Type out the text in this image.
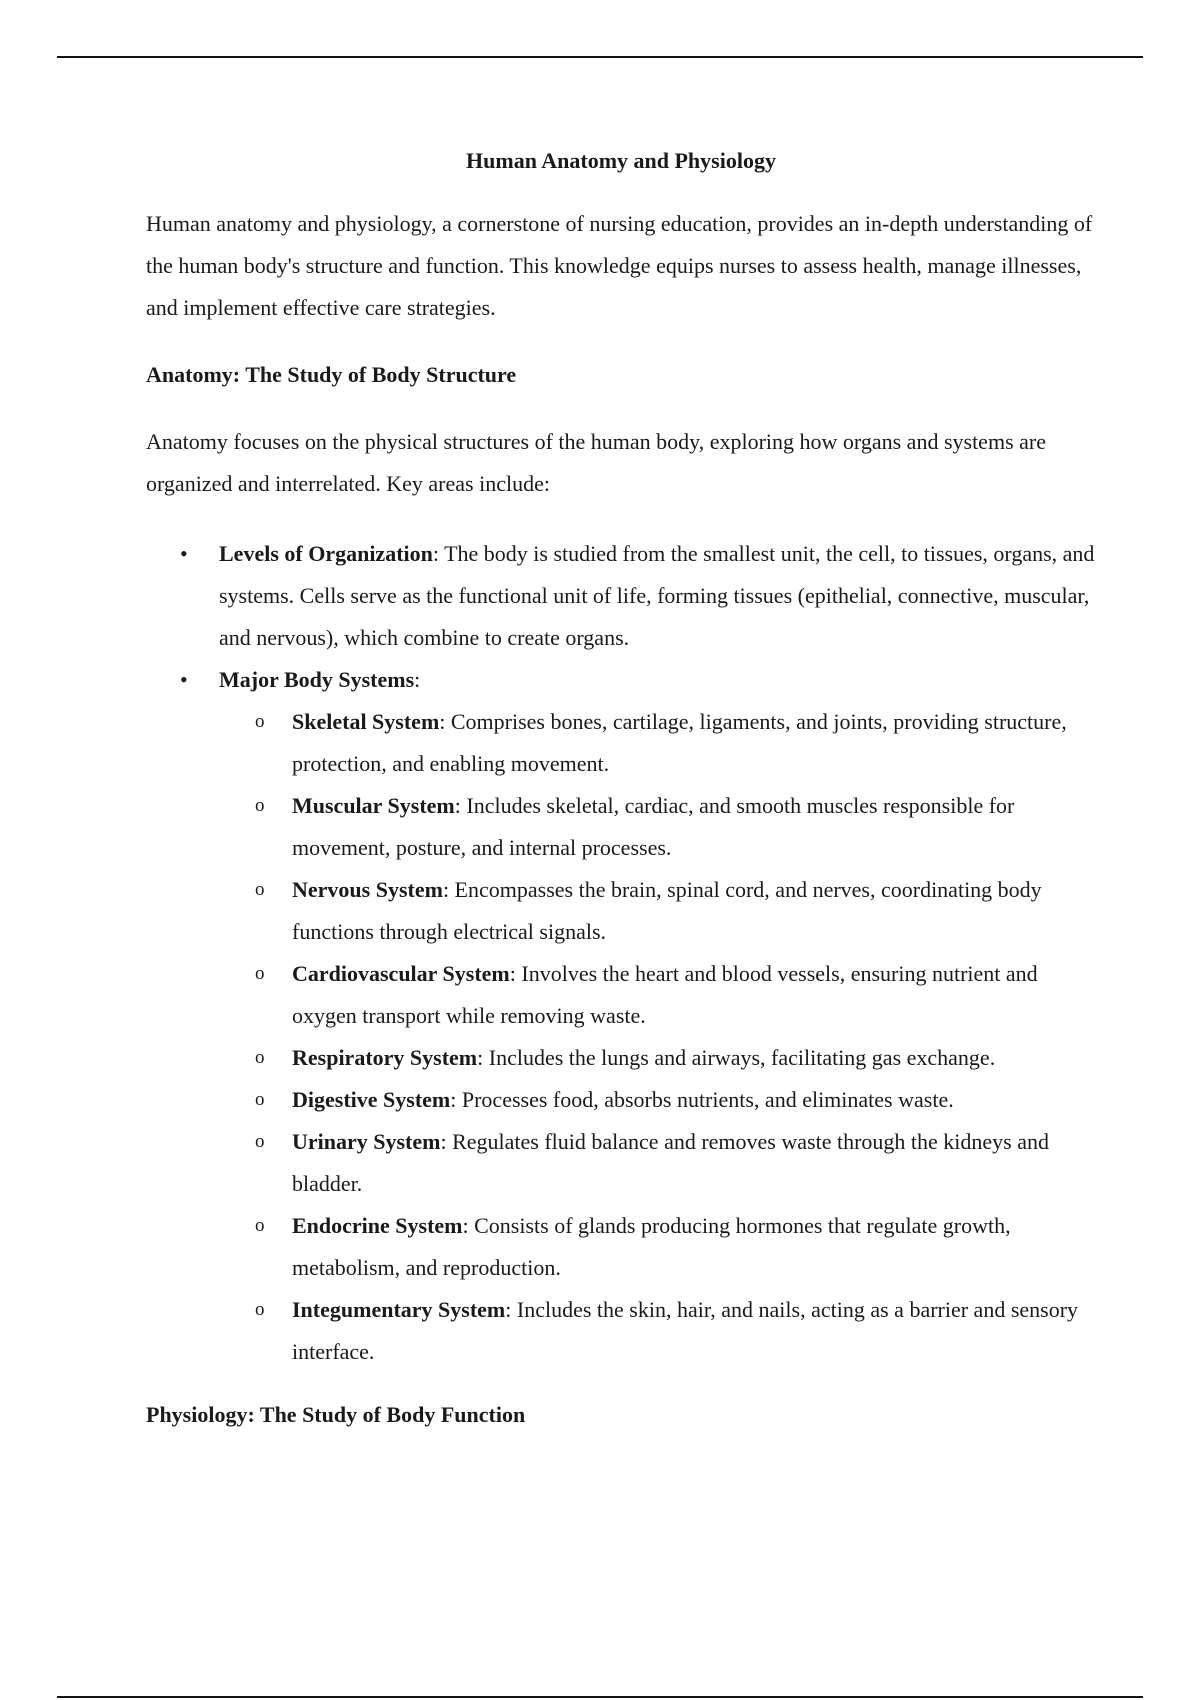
Human Anatomy and Physiology

Human anatomy and physiology, a cornerstone of nursing education, provides an in-depth understanding of the human body's structure and function. This knowledge equips nurses to assess health, manage illnesses, and implement effective care strategies.

Anatomy: The Study of Body Structure

Anatomy focuses on the physical structures of the human body, exploring how organs and systems are organized and interrelated. Key areas include:

• Levels of Organization: The body is studied from the smallest unit, the cell, to tissues, organs, and systems. Cells serve as the functional unit of life, forming tissues (epithelial, connective, muscular, and nervous), which combine to create organs.
• Major Body Systems:
o Skeletal System: Comprises bones, cartilage, ligaments, and joints, providing structure, protection, and enabling movement.
o Muscular System: Includes skeletal, cardiac, and smooth muscles responsible for movement, posture, and internal processes.
o Nervous System: Encompasses the brain, spinal cord, and nerves, coordinating body functions through electrical signals.
o Cardiovascular System: Involves the heart and blood vessels, ensuring nutrient and oxygen transport while removing waste.
o Respiratory System: Includes the lungs and airways, facilitating gas exchange.
o Digestive System: Processes food, absorbs nutrients, and eliminates waste.
o Urinary System: Regulates fluid balance and removes waste through the kidneys and bladder.
o Endocrine System: Consists of glands producing hormones that regulate growth, metabolism, and reproduction.
o Integumentary System: Includes the skin, hair, and nails, acting as a barrier and sensory interface.

Physiology: The Study of Body Function
